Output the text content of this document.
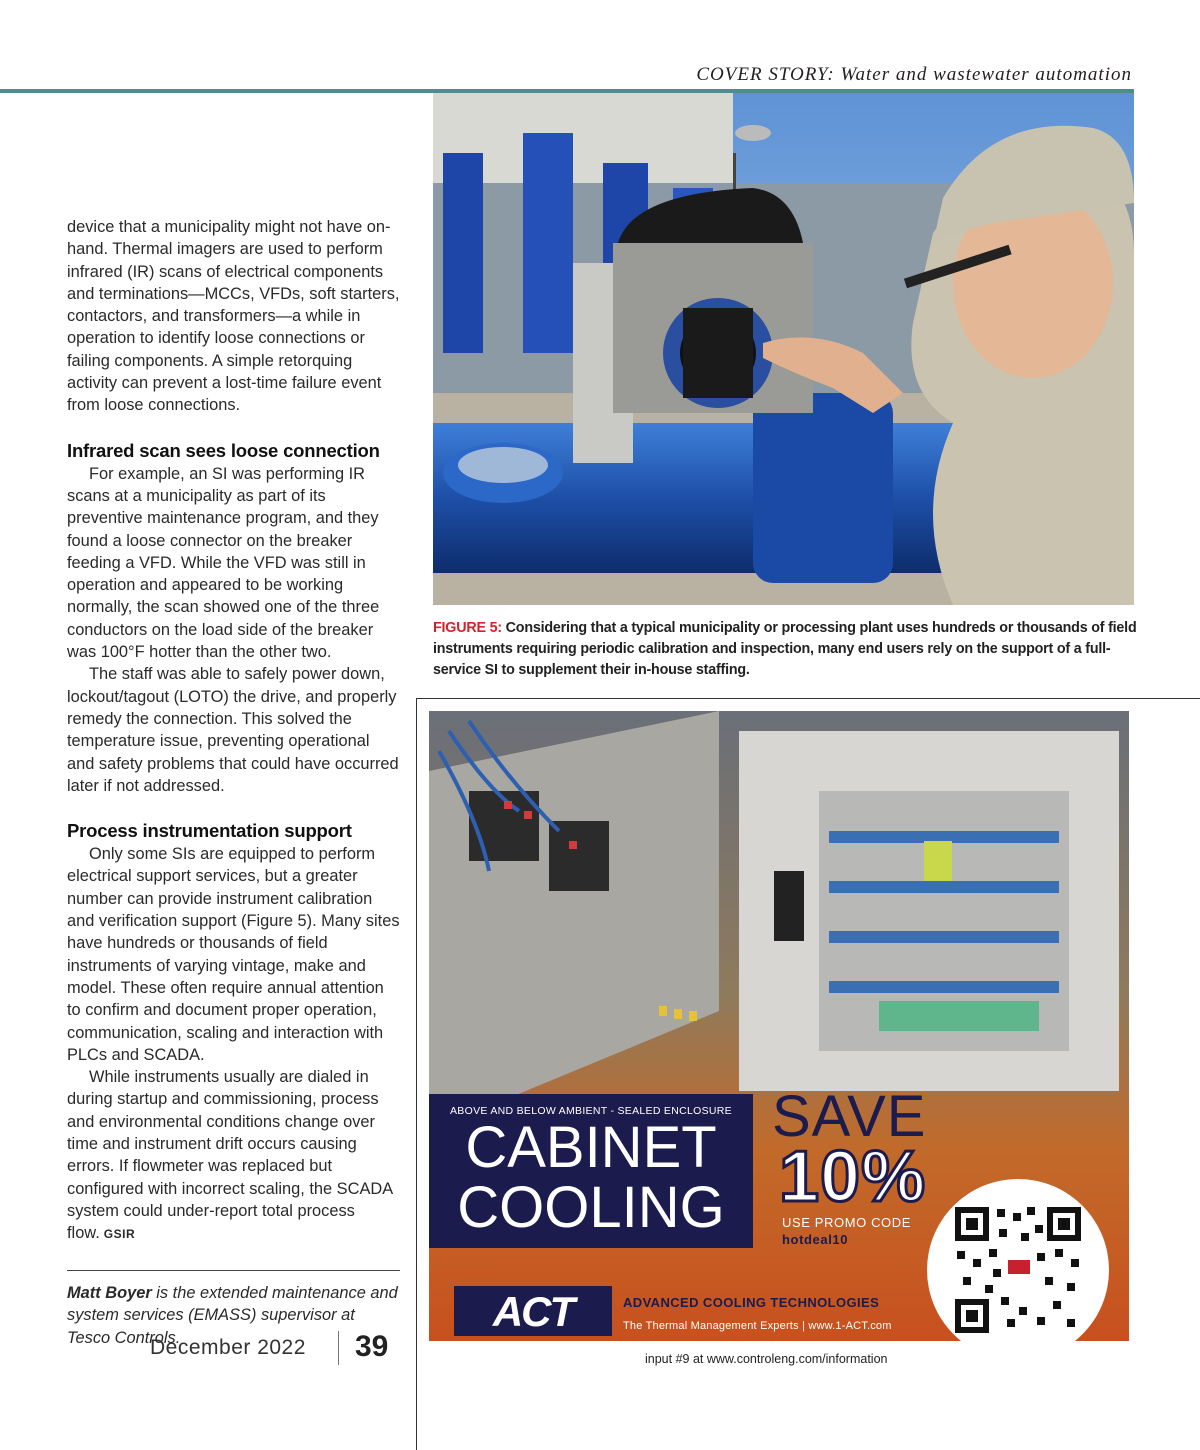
COVER STORY: Water and wastewater automation

device that a municipality might not have on-hand. Thermal imagers are used to perform infrared (IR) scans of electrical components and terminations—MCCs, VFDs, soft starters, contactors, and transformers—a while in operation to identify loose connections or failing components. A simple retorquing activity can prevent a lost-time failure event from loose connections.

Infrared scan sees loose connection

For example, an SI was performing IR scans at a municipality as part of its preventive maintenance program, and they found a loose connector on the breaker feeding a VFD. While the VFD was still in operation and appeared to be working normally, the scan showed one of the three conductors on the load side of the breaker was 100°F hotter than the other two.

The staff was able to safely power down, lockout/tagout (LOTO) the drive, and properly remedy the connection. This solved the temperature issue, preventing operational and safety problems that could have occurred later if not addressed.

Process instrumentation support

Only some SIs are equipped to perform electrical support services, but a greater number can provide instrument calibration and verification support (Figure 5). Many sites have hundreds or thousands of field instruments of varying vintage, make and model. These often require annual attention to confirm and document proper operation, communication, scaling and interaction with PLCs and SCADA.

While instruments usually are dialed in during startup and commissioning, process and environmental conditions change over time and instrument drift occurs causing errors. If flowmeter was replaced but configured with incorrect scaling, the SCADA system could under-report total process flow. GSIR

Matt Boyer is the extended maintenance and system services (EMASS) supervisor at Tesco Controls.
December 2022 39
FIGURE 5: Considering that a typical municipality or processing plant uses hundreds or thousands of field instruments requiring periodic calibration and inspection, many end users rely on the support of a full-service SI to supplement their in-house staffing.
ABOVE AND BELOW AMBIENT - SEALED ENCLOSURE
CABINET
COOLING
SAVE
10%
USE PROMO CODE
hotdeal10
ACT	ADVANCED COOLING TECHNOLOGIES
The Thermal Management Experts | www.1-ACT.com
input #9 at www.controleng.com/information
